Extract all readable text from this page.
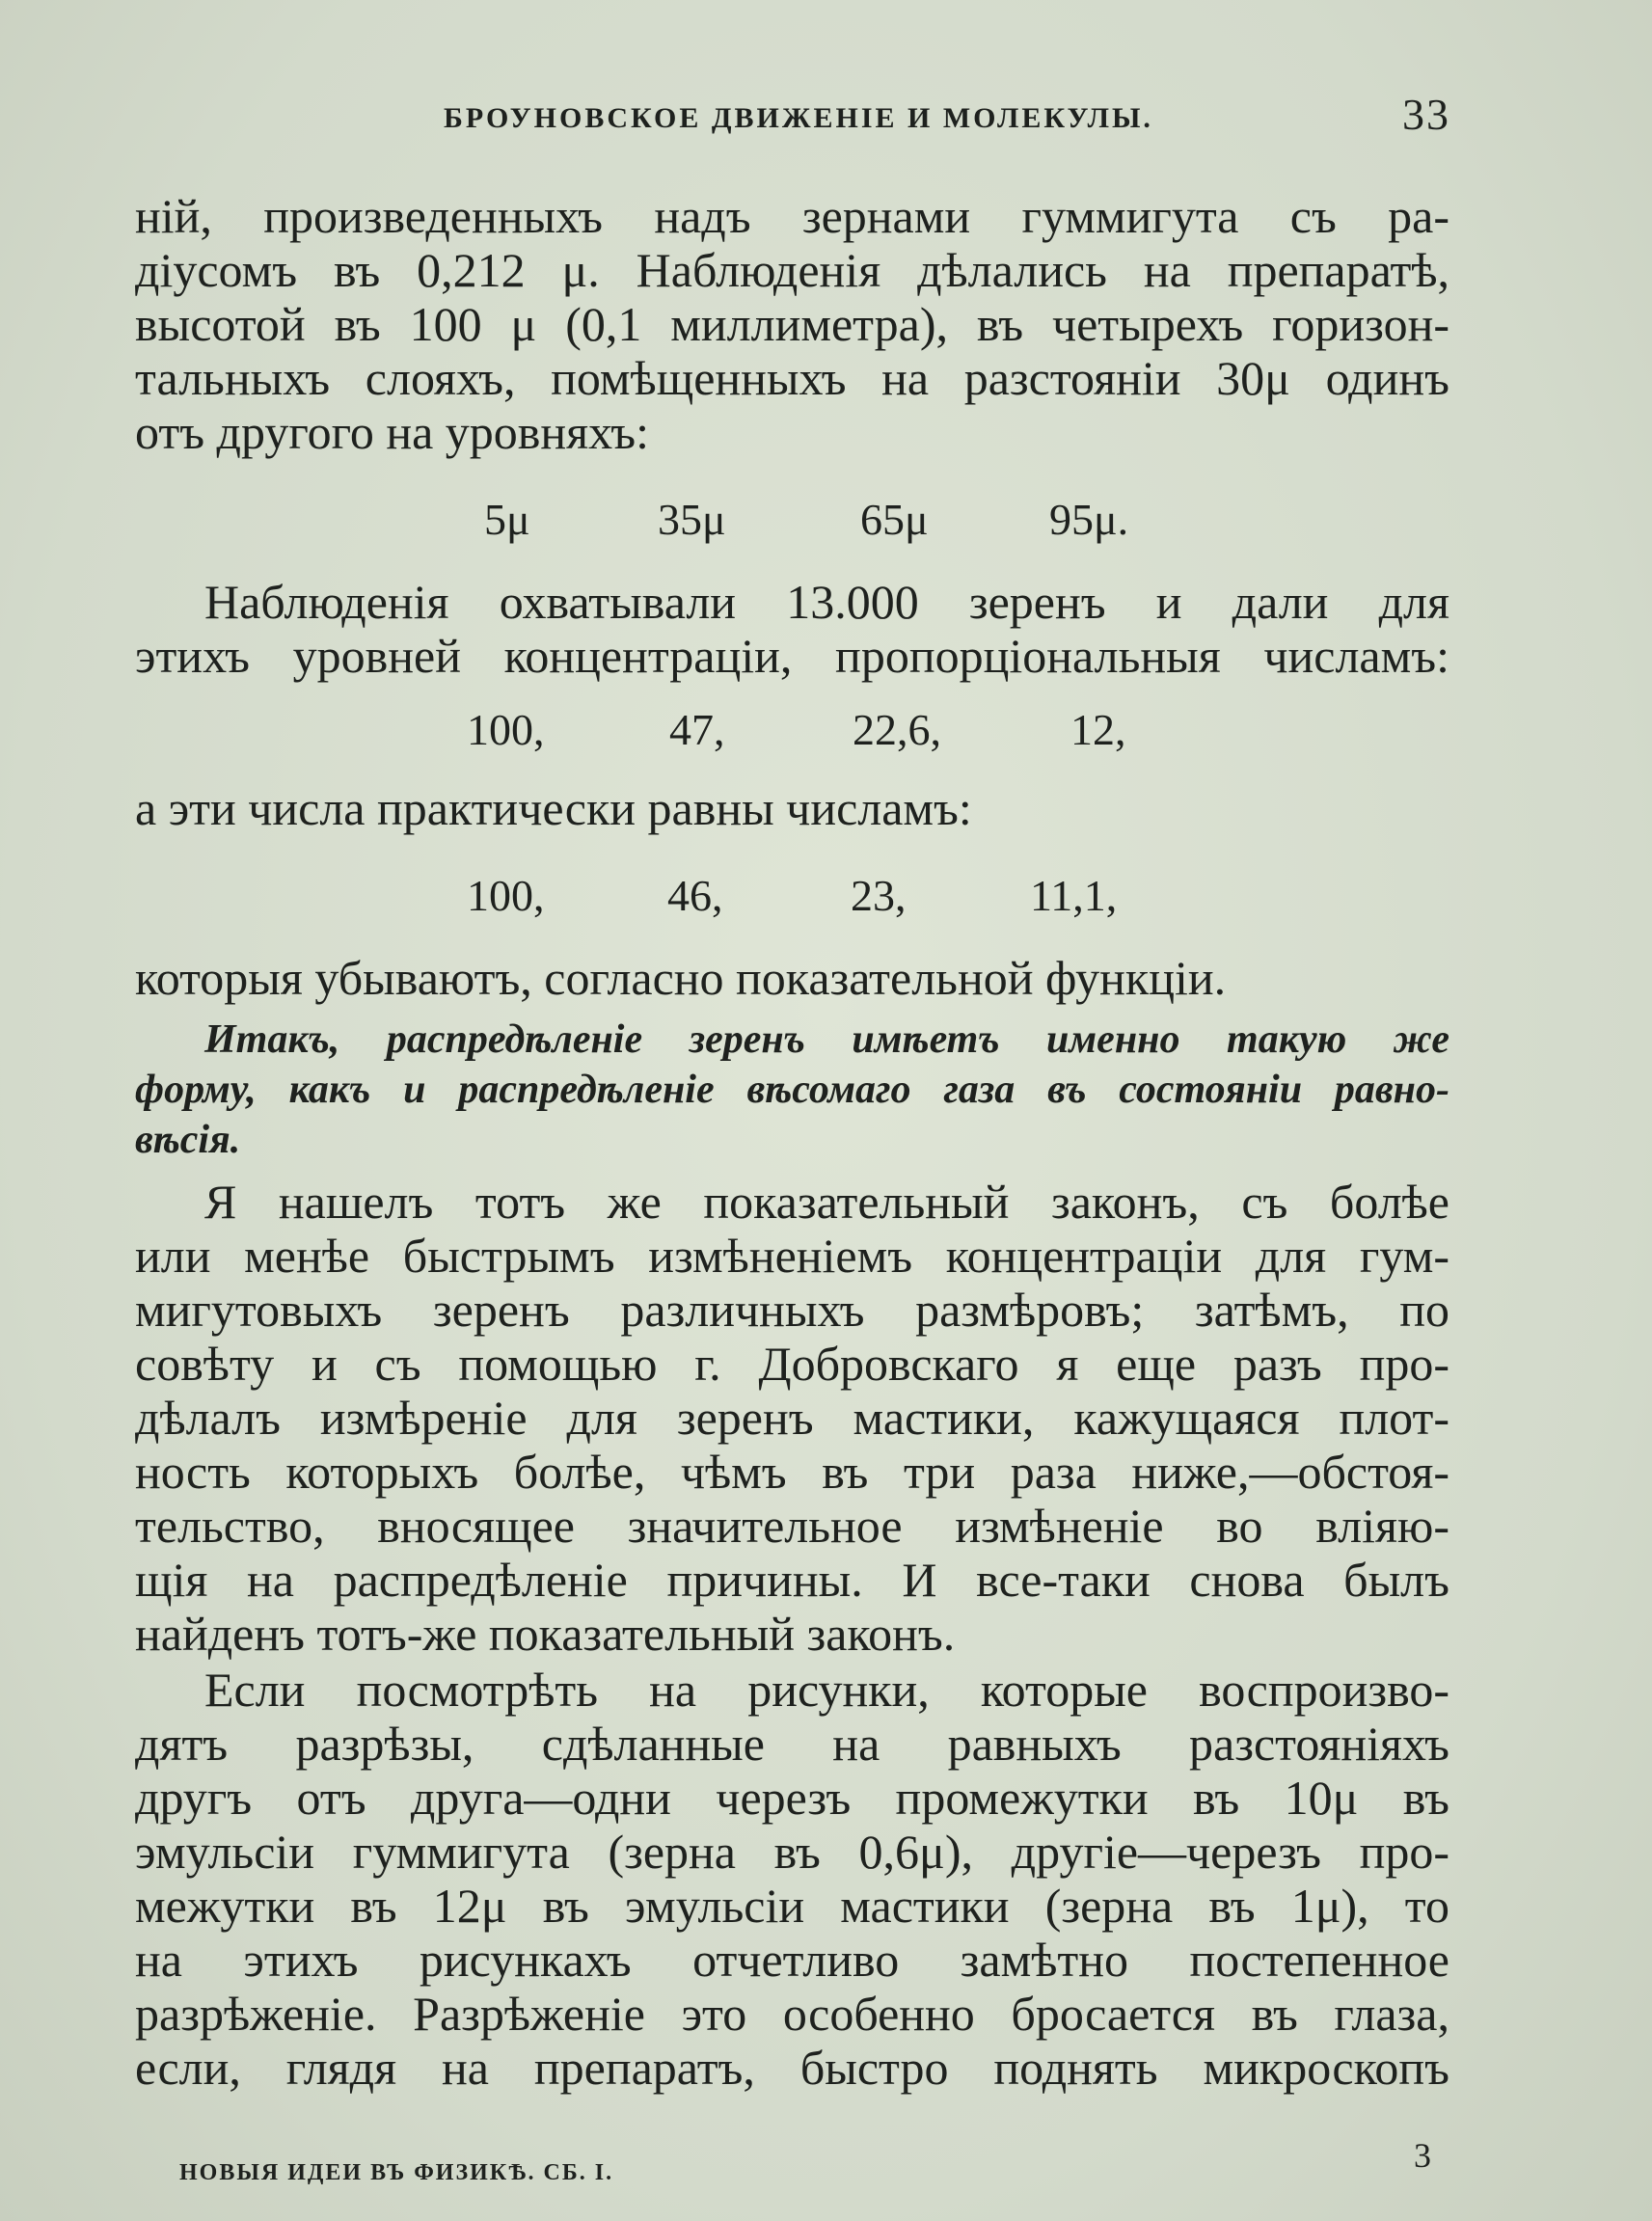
БРОУНОВСКОЕ ДВИЖЕНІЕ И МОЛЕКУЛЫ.	33
ній, произведенныхъ надъ зернами гуммигута съ ра-
діусомъ въ 0,212 μ. Наблюденія дѣлались на препаратѣ,
высотой въ 100 μ (0,1 миллиметра), въ четырехъ горизон-
тальныхъ слояхъ, помѣщенныхъ на разстояніи 30μ одинъ
отъ другого на уровняхъ:
5μ	35μ	65μ	95μ.
Наблюденія охватывали 13.000 зеренъ и дали для
этихъ уровней концентраціи, пропорціональныя числамъ:
100,	47,	22,6,	12,
а эти числа практически равны числамъ:
100,	46,	23,	11,1,
которыя убываютъ, согласно показательной функціи.
Итакъ, распредѣленіе зеренъ имѣетъ именно такую же
форму, какъ и распредѣленіе вѣсомаго газа въ состояніи равно-
вѣсія.
Я нашелъ тотъ же показательный законъ, съ болѣе
или менѣе быстрымъ измѣненіемъ концентраціи для гум-
мигутовыхъ зеренъ различныхъ размѣровъ; затѣмъ, по
совѣту и съ помощью г. Добровскаго я еще разъ про-
дѣлалъ измѣреніе для зеренъ мастики, кажущаяся плот-
ность которыхъ болѣе, чѣмъ въ три раза ниже,—обстоя-
тельство, вносящее значительное измѣненіе во вліяю-
щія на распредѣленіе причины. И все-таки снова былъ
найденъ тотъ-же показательный законъ.
Если посмотрѣть на рисунки, которые воспроизво-
дятъ разрѣзы, сдѣланные на равныхъ разстояніяхъ
другъ отъ друга—одни черезъ промежутки въ 10μ въ
эмульсіи гуммигута (зерна въ 0,6μ), другіе—черезъ про-
межутки въ 12μ въ эмульсіи мастики (зерна въ 1μ), то
на этихъ рисункахъ отчетливо замѣтно постепенное
разрѣженіе. Разрѣженіе это особенно бросается въ глаза,
если, глядя на препаратъ, быстро поднять микроскопъ
НОВЫЯ ИДЕИ ВЪ ФИЗИКѢ. СБ. I.	3
